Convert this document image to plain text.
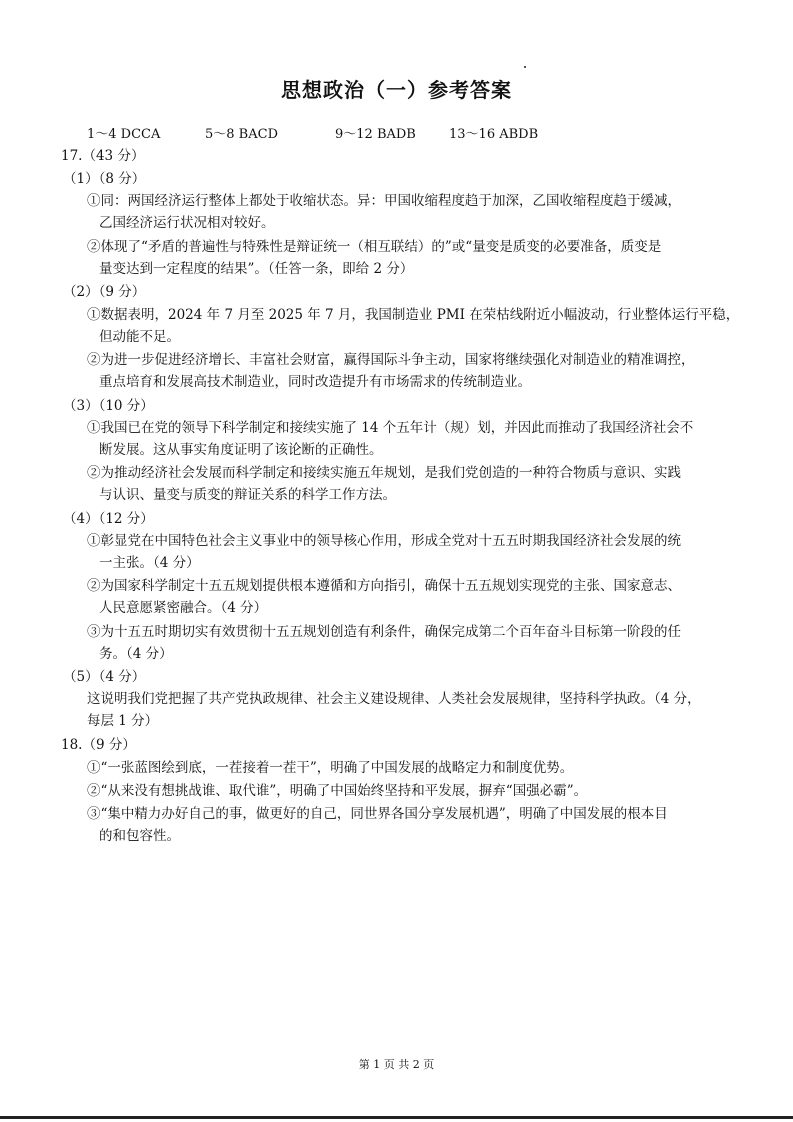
思想政治（一）参考答案
1～4 DCCA	5～8 BACD	9～12 BADB	13～16 ABDB
17.（43 分）
（1）（8 分）
①同：两国经济运行整体上都处于收缩状态。异：甲国收缩程度趋于加深，乙国收缩程度趋于缓减，
乙国经济运行状况相对较好。
②体现了“矛盾的普遍性与特殊性是辩证统一（相互联结）的”或“量变是质变的必要准备，质变是
量变达到一定程度的结果”。（任答一条，即给 2 分）
（2）（9 分）
①数据表明，2024 年 7 月至 2025 年 7 月，我国制造业 PMI 在荣枯线附近小幅波动，行业整体运行平稳，
但动能不足。
②为进一步促进经济增长、丰富社会财富，赢得国际斗争主动，国家将继续强化对制造业的精准调控，
重点培育和发展高技术制造业，同时改造提升有市场需求的传统制造业。
（3）（10 分）
①我国已在党的领导下科学制定和接续实施了 14 个五年计（规）划，并因此而推动了我国经济社会不
断发展。这从事实角度证明了该论断的正确性。
②为推动经济社会发展而科学制定和接续实施五年规划，是我们党创造的一种符合物质与意识、实践
与认识、量变与质变的辩证关系的科学工作方法。
（4）（12 分）
①彰显党在中国特色社会主义事业中的领导核心作用，形成全党对十五五时期我国经济社会发展的统
一主张。（4 分）
②为国家科学制定十五五规划提供根本遵循和方向指引，确保十五五规划实现党的主张、国家意志、
人民意愿紧密融合。（4 分）
③为十五五时期切实有效贯彻十五五规划创造有利条件，确保完成第二个百年奋斗目标第一阶段的任
务。（4 分）
（5）（4 分）
这说明我们党把握了共产党执政规律、社会主义建设规律、人类社会发展规律，坚持科学执政。（4 分，
每层 1 分）
18.（9 分）
①“一张蓝图绘到底，一茬接着一茬干”，明确了中国发展的战略定力和制度优势。
②“从来没有想挑战谁、取代谁”，明确了中国始终坚持和平发展，摒弃“国强必霸”。
③“集中精力办好自己的事，做更好的自己，同世界各国分享发展机遇”，明确了中国发展的根本目
的和包容性。
第 1 页 共 2 页
